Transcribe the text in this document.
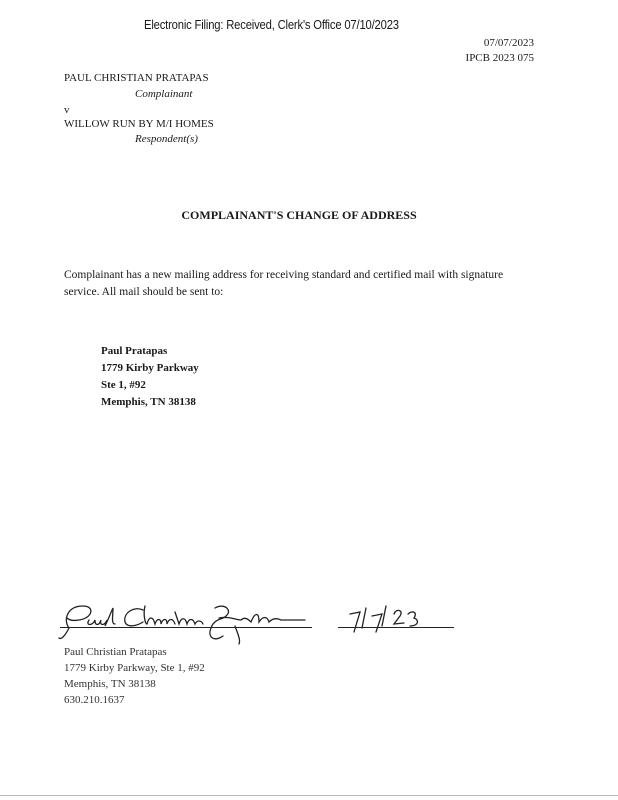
Electronic Filing: Received, Clerk's Office 07/10/2023
07/07/2023
IPCB 2023 075
PAUL CHRISTIAN PRATAPAS
Complainant
v
WILLOW RUN BY M/I HOMES
Respondent(s)
COMPLAINANT'S CHANGE OF ADDRESS
Complainant has a new mailing address for receiving standard and certified mail with signature
service. All mail should be sent to:
Paul Pratapas
1779 Kirby Parkway
Ste 1, #92
Memphis, TN 38138
Paul Christian Pratapas
1779 Kirby Parkway, Ste 1, #92
Memphis, TN 38138
630.210.1637
